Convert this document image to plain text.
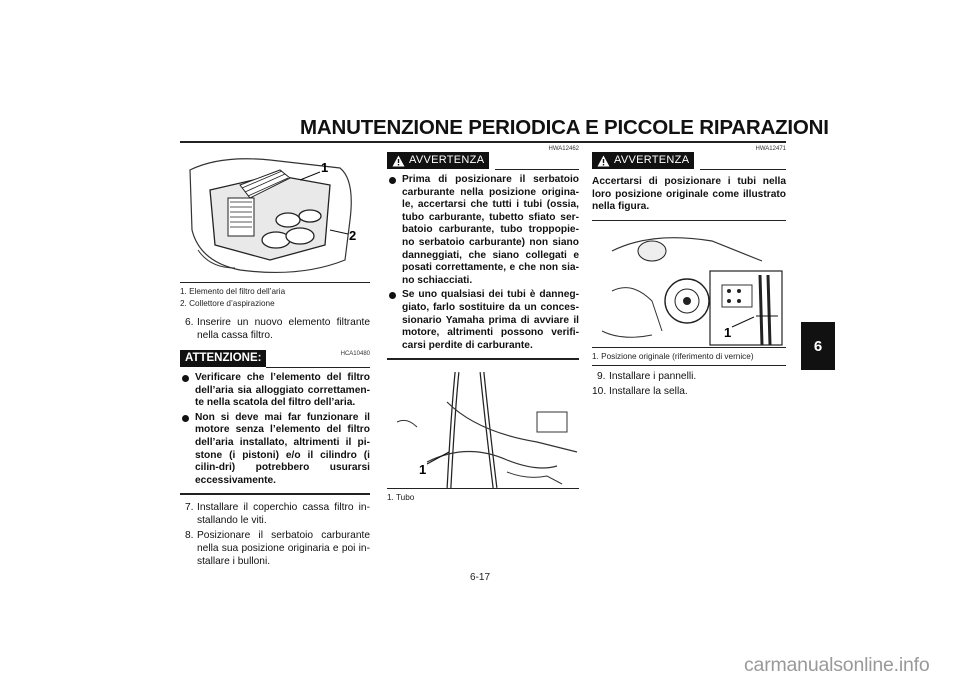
MANUTENZIONE PERIODICA E PICCOLE RIPARAZIONI
1
2
1. Elemento del filtro dell’aria
2. Collettore d’aspirazione
6. Inserire un nuovo elemento filtrante nella cassa filtro.
ATTENZIONE:	HCA10480
Verificare che l’elemento del filtro dell’aria sia alloggiato correttamen-te nella scatola del filtro dell’aria.
Non si deve mai far funzionare il motore senza l’elemento del filtro dell’aria installato, altrimenti il pi-stone (i pistoni) e/o il cilindro (i cilin-dri) potrebbero usurarsi eccessivamente.
7. Installare il coperchio cassa filtro in-stallando le viti.
8. Posizionare il serbatoio carburante nella sua posizione originaria e poi in-stallare i bulloni.
AVVERTENZA
HWA12462
Prima di posizionare il serbatoio carburante nella posizione origina-le, accertarsi che tutti i tubi (ossia, tubo carburante, tubetto sfiato ser-batoio carburante, tubo troppopie-no serbatoio carburante) non siano danneggiati, che siano collegati e posati correttamente, e che non sia-no schiacciati.
Se uno qualsiasi dei tubi è danneg-giato, farlo sostituire da un conces-sionario Yamaha prima di avviare il motore, altrimenti possono verifi-carsi perdite di carburante.
1
1. Tubo
AVVERTENZA
HWA12471
Accertarsi di posizionare i tubi nella loro posizione originale come illustrato nella figura.
1
1. Posizione originale (riferimento di vernice)
9. Installare i pannelli.
10. Installare la sella.
6
6-17
carmanualsonline.info
